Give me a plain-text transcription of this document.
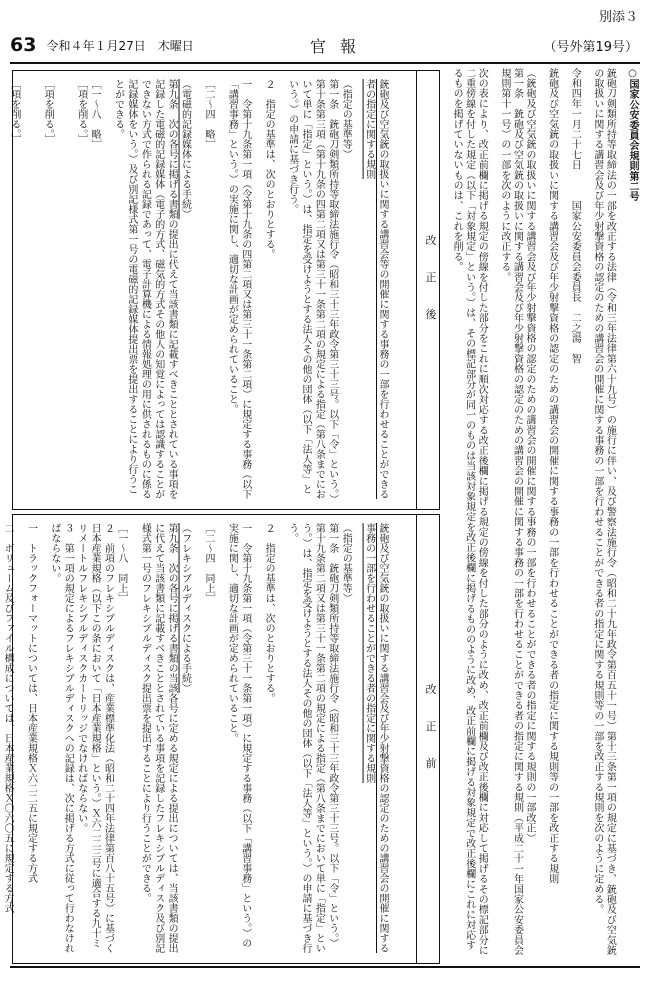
別添３
63 令和４年１月27日　木曜日	官報	（号外第19号）

○国家公安委員会規則第二号

銃砲刀剣類所持等取締法の一部を改正する法律（令和三年法律第六十九号）の施行に伴い、及び警察法施行令（昭和二十九年政令第百五十一号）第十三条第一項の規定に基づき、銃砲及び空気銃の取扱いに関する講習会及び年少射撃資格の認定のための講習会の開催に関する事務の一部を行わせることができる者の指定に関する規則等の一部を改正する規則を次のように定める。

令和四年一月二十七日　　　国家公安委員会委員長　二之湯　智

銃砲及び空気銃の取扱いに関する講習会及び年少射撃資格の認定のための講習会の開催に関する事務の一部を行わせることができる者の指定に関する規則等の一部を改正する規則

（銃砲及び空気銃の取扱いに関する講習会及び年少射撃資格の認定のための講習会の開催に関する事務の一部を行わせることができる者の指定に関する規則の一部改正）

第一条　銃砲及び空気銃の取扱いに関する講習会及び年少射撃資格の認定のための講習会の開催に関する事務の一部を行わせることができる者の指定に関する規則（平成二十一年国家公安委員会規則第十一号）の一部を次のように改正する。

次の表により、改正前欄に掲げる規定の傍線を付した部分をこれに順次対応する改正後欄に掲げる規定の傍線を付した部分のように改め、改正前欄及び改正後欄に対応して掲げるその標記部分に二重傍線を付した規定（以下「対象規定」という。）は、その標記部分が同一のものは当該対象規定を改正後欄に掲げるもののように改め、改正前欄に掲げる対象規定で改正後欄にこれに対応するものを掲げていないものは、これを削る。

改正後

銃砲及び空気銃の取扱いに関する講習会等の開催に関する事務の一部を行わせることができる者の指定に関する規則

（指定の基準等）

第一条　銃砲刀剣類所持等取締法施行令（昭和三十三年政令第三十三号。以下「令」という。）第十条第三項（第十九条の四第二項又は第三十一条第二項の規定による指定（第八条までにおいて単に「指定」という。）は、指定を受けようとする法人その他の団体（以下「法人等」という。）の申請に基づき行う。

２　指定の基準は、次のとおりとする。

一　令第十九条第一項（令第十九条の四第二項又は第三十一条第二項）に規定する事務（以下「講習事務」という。）の実施に関し、適切な計画が定められていること。

［二～四　略］

（電磁的記録媒体による手続）

第九条　次の各号に掲げる書類の提出に代えて当該書類に記載すべきこととされている事項を記録した電磁的記録媒体（電子的方式、磁気的方式その他人の知覚によっては認識することができない方式で作られる記録であって、電子計算機による情報処理の用に供されるものに係る記録媒体をいう。）及び別記様式第一号の電磁的記録媒体提出票を提出することにより行うことができる。

［一～八　略］

［項を削る。］

［項を削る。］

［項を削る。］

改正前

銃砲及び空気銃の取扱いに関する講習会及び年少射撃資格の認定のための講習会の開催に関する事務の一部を行わせることができる者の指定に関する規則

（指定の基準等）

第一条　銃砲刀剣類所持等取締法施行令（昭和三十三年政令第三十三号。以下「令」という。）第十九条第二項又は第三十一条第二項の規定による指定（第八条までにおいて単に「指定」という。）は、指定を受けようとする法人その他の団体（以下「法人等」という。）の申請に基づき行う。

２　指定の基準は、次のとおりとする。

一　令第十九条第一項（令第三十一条第一項）に規定する事務（以下「講習事務」という。）の実施に関し、適切な計画が定められていること。

［二～四　同上］

（フレキシブルディスクによる手続）

第九条　次の各号に掲げる書類の当該各号に定める規定による提出については、当該書類の提出に代えて当該書類に記載すべきこととされている事項を記録したフレキシブルディスク及び別記様式第一号のフレキシブルディスク提出票を提出することにより行うことができる。

［一～八　同上］

２　前項のフレキシブルディスクは、産業標準化法（昭和二十四年法律第百八十五号）に基づく日本産業規格（以下この条において「日本産業規格」という。）Ｘ六二二三号に適合する九十ミリメートルフレキシブルディスクカートリッジでなければならない。

３　第一項の規定によるフレキシブルディスクへの記録は、次に掲げる方式に従って行わなければならない。

一　トラックフォーマットについては、日本産業規格Ｘ六二二五に規定する方式

二　ボリューム及びファイル構成については、日本産業規格Ｘ〇六〇五に規定する方式
